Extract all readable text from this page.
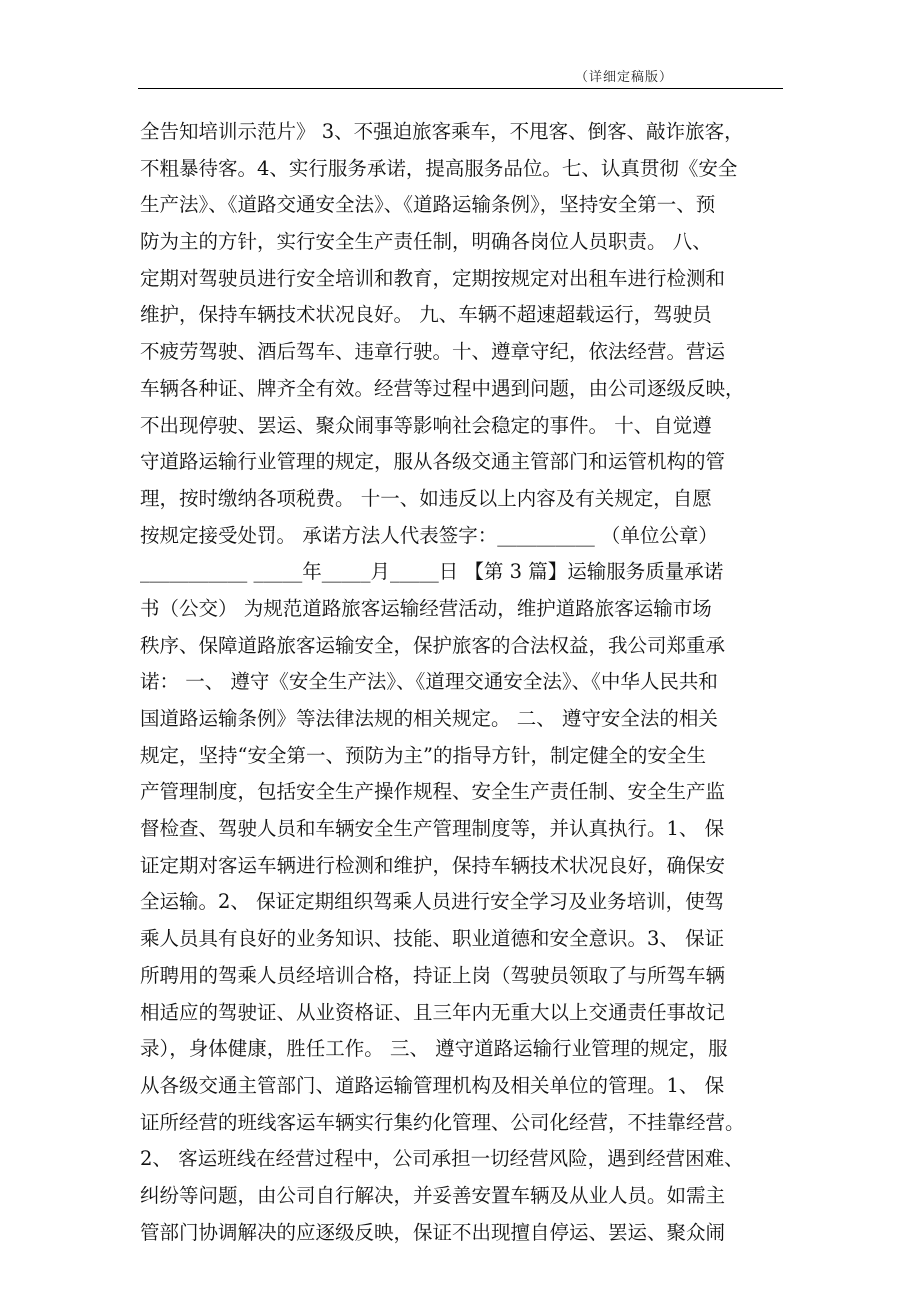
（详细定稿版）
全告知培训示范片》 3、不强迫旅客乘车，不甩客、倒客、敲诈旅客，
不粗暴待客。4、实行服务承诺，提高服务品位。七、认真贯彻《安全
生产法》、《道路交通安全法》、《道路运输条例》，坚持安全第一、预
防为主的方针，实行安全生产责任制，明确各岗位人员职责。 八、
定期对驾驶员进行安全培训和教育，定期按规定对出租车进行检测和
维护，保持车辆技术状况良好。 九、车辆不超速超载运行，驾驶员
不疲劳驾驶、酒后驾车、违章行驶。十、遵章守纪，依法经营。营运
车辆各种证、牌齐全有效。经营等过程中遇到问题，由公司逐级反映，
不出现停驶、罢运、聚众闹事等影响社会稳定的事件。 十、自觉遵
守道路运输行业管理的规定，服从各级交通主管部门和运管机构的管
理，按时缴纳各项税费。 十一、如违反以上内容及有关规定，自愿
按规定接受处罚。 承诺方法人代表签字：__________ （单位公章）
___________ _____年_____月_____日 【第 3 篇】运输服务质量承诺
书（公交） 为规范道路旅客运输经营活动，维护道路旅客运输市场
秩序、保障道路旅客运输安全，保护旅客的合法权益，我公司郑重承
诺： 一、 遵守《安全生产法》、《道理交通安全法》、《中华人民共和
国道路运输条例》等法律法规的相关规定。 二、 遵守安全法的相关
规定，坚持“安全第一、预防为主”的指导方针，制定健全的安全生
产管理制度，包括安全生产操作规程、安全生产责任制、安全生产监
督检查、驾驶人员和车辆安全生产管理制度等，并认真执行。1、 保
证定期对客运车辆进行检测和维护，保持车辆技术状况良好，确保安
全运输。2、 保证定期组织驾乘人员进行安全学习及业务培训，使驾
乘人员具有良好的业务知识、技能、职业道德和安全意识。3、 保证
所聘用的驾乘人员经培训合格，持证上岗（驾驶员领取了与所驾车辆
相适应的驾驶证、从业资格证、且三年内无重大以上交通责任事故记
录），身体健康，胜任工作。 三、 遵守道路运输行业管理的规定，服
从各级交通主管部门、道路运输管理机构及相关单位的管理。1、 保
证所经营的班线客运车辆实行集约化管理、公司化经营，不挂靠经营。
2、 客运班线在经营过程中，公司承担一切经营风险，遇到经营困难、
纠纷等问题，由公司自行解决，并妥善安置车辆及从业人员。如需主
管部门协调解决的应逐级反映，保证不出现擅自停运、罢运、聚众闹
